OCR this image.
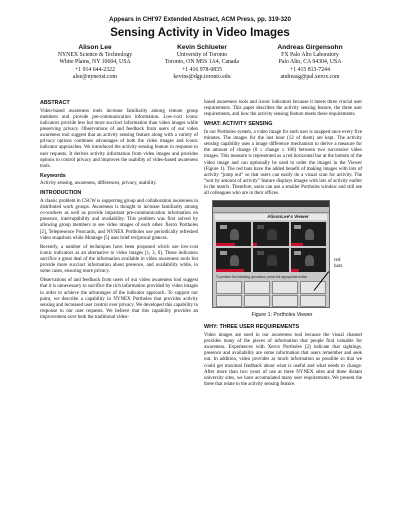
Appears in CHI'97 Extended Abstract, ACM Press, pp. 319-320
Sensing Activity in Video Images
Alison Lee
NYNEX Science & Technology
White Plains, NY 10604, USA
+1 914 644-2322
alee@nynexst.com
Kevin Schlueter
University of Toronto
Toronto, ON M5S 1A4, Canada
+1 416 978-0835
kevins@dgp.toronto.edu
Andreas Girgensohn
FX Palo Alto Laboratory
Palo Alto, CA 94304, USA
+1 415 813-7244
andreasg@pal.xerox.com
ABSTRACT

Video-based awareness tools increase familiarity among remote group members and provide pre-communication information. Low-cost iconic indicators provide less but more succinct information than video images while preserving privacy. Observations of and feedback from users of our video awareness tool suggest that an activity sensing feature along with a variety of privacy options combines advantages of both the video images and iconic indicator approaches. We introduced the activity sensing feature in response to user requests. It derives activity information from video images and provides options to control privacy and improves the usability of video-based awareness tools.

Keywords

Activity sensing, awareness, differences, privacy, usability.

INTRODUCTION

A classic problem in CSCW is supporting group and collaboration awareness in distributed work groups. Awareness is thought to increase familiarity among co-workers as well as provide important pre-communication information on presence, interruptibility and availability. This problem was first solved by allowing group members to see video images of each other. Xerox Portholes [2], Telepresence Postcards, and NYNEX Portholes use periodically refreshed video snapshots while Montage [5] uses brief reciprocal glances.

Recently, a number of techniques have been proposed which use low-cost iconic indicators as an alternative to video images [1, 3, 6]. These indicators sacrifice a great deal of the information available in video awareness tools but provide more succinct information about presence, and availability while, in some cases, ensuring more privacy.

Observations of and feedback from users of our video awareness tool suggest that it is unnecessary to sacrifice the rich information provided by video images in order to achieve the advantages of the indicator approach. To support our point, we describe a capability in NYNEX Portholes that provides activity sensing and increased user control over privacy. We developed this capability in response to our user requests. We believe that this capability provides an improvement over both the traditional video-

based awareness tools and iconic indicators because it meets three crucial user requirements. This paper describes the activity sensing feature, the three user requirements, and how the activity sensing feature meets these requirements.

WHAT: ACTIVITY SENSING

In our Portholes system, a video image for each user is snapped once every five minutes. The images for the last hour (12 of them) are kept. The activity sensing capability uses a image difference mechanism to derive a measure for the amount of change (0 ≤ change ≤ 100) between two successive video images. This measure is represented as a red horizontal bar at the bottom of the video image and can optionally be used to order the images in the Viewer (Figure 1). The red bars have the added benefit of making images with lots of activity “jump out” so that users can easily do a visual scan for activity. The “sort by amount of activity” feature displays images with lots of activity earlier in the matrix. Therefore, users can use a smaller Portholes window and still see all colleagues who are in their offices.

AlisonLee's Viewer
To perform the following operations, press the appropriate button
red
bars
Figure 1: Portholes Viewer
WHY: THREE USER REQUIREMENTS

Video images are used in our awareness tool because the visual channel provides many of the pieces of information that people find valuable for awareness. Experiences with Xerox Portholes [2] indicate that sightings, presence and availability are some information that users remember and seek out. In addition, video provides as much information as possible so that we could get maximal feedback about what is useful and what needs to change. After more than two years of use at three NYNEX sites and three distant university sites, we have accumulated many user requirements. We present the three that relate to the activity sensing feature.
